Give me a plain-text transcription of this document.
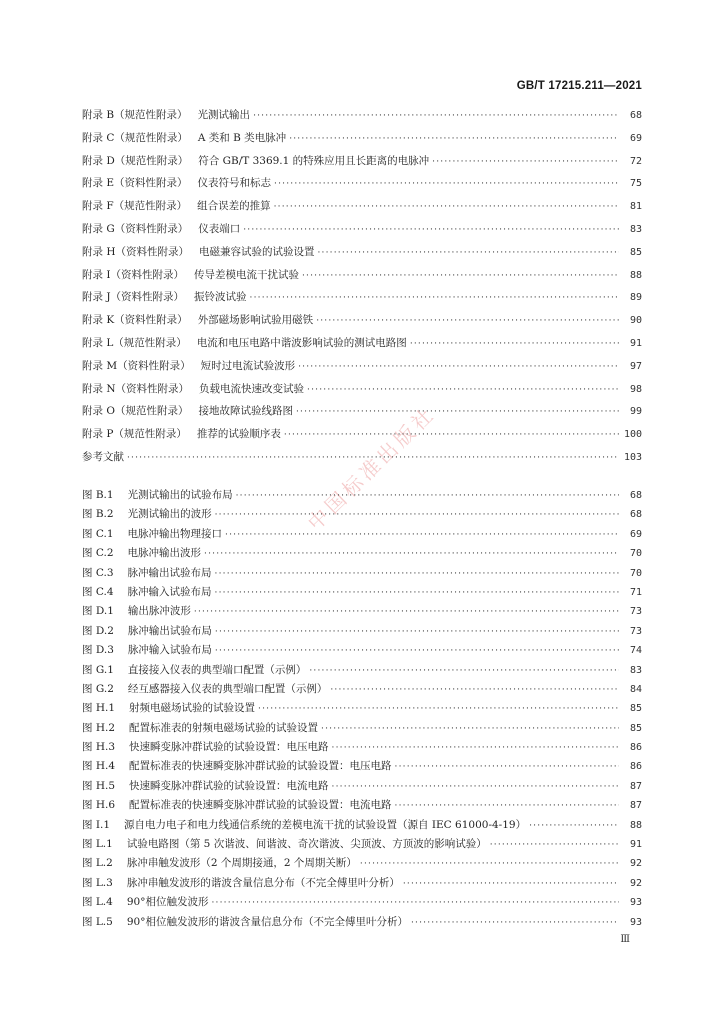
GB/T 17215.211—2021
中国标准出版社
附录 B（规范性附录） 光测试输出 ·····	68
附录 C（规范性附录） A 类和 B 类电脉冲 ·····	69
附录 D（规范性附录） 符合 GB/T 3369.1 的特殊应用且长距离的电脉冲 ·····	72
附录 E（资料性附录） 仪表符号和标志 ·····	75
附录 F（规范性附录） 组合误差的推算 ·····	81
附录 G（资料性附录） 仪表端口 ·····	83
附录 H（资料性附录） 电磁兼容试验的试验设置 ·····	85
附录 I（资料性附录） 传导差模电流干扰试验 ·····	88
附录 J（资料性附录） 振铃波试验 ·····	89
附录 K（资料性附录） 外部磁场影响试验用磁铁 ·····	90
附录 L（规范性附录） 电流和电压电路中谐波影响试验的测试电路图 ·····	91
附录 M（资料性附录） 短时过电流试验波形 ·····	97
附录 N（资料性附录） 负载电流快速改变试验 ·····	98
附录 O（规范性附录） 接地故障试验线路图 ·····	99
附录 P（规范性附录） 推荐的试验顺序表 ·····	100
参考文献 ·····	103
图 B.1 光测试输出的试验布局 ·····	68
图 B.2 光测试输出的波形 ·····	68
图 C.1 电脉冲输出物理接口 ·····	69
图 C.2 电脉冲输出波形 ·····	70
图 C.3 脉冲输出试验布局 ·····	70
图 C.4 脉冲输入试验布局 ·····	71
图 D.1 输出脉冲波形 ·····	73
图 D.2 脉冲输出试验布局 ·····	73
图 D.3 脉冲输入试验布局 ·····	74
图 G.1 直接接入仪表的典型端口配置（示例） ·····	83
图 G.2 经互感器接入仪表的典型端口配置（示例） ·····	84
图 H.1 射频电磁场试验的试验设置 ·····	85
图 H.2 配置标准表的射频电磁场试验的试验设置 ·····	85
图 H.3 快速瞬变脉冲群试验的试验设置：电压电路 ·····	86
图 H.4 配置标准表的快速瞬变脉冲群试验的试验设置：电压电路 ·····	86
图 H.5 快速瞬变脉冲群试验的试验设置：电流电路 ·····	87
图 H.6 配置标准表的快速瞬变脉冲群试验的试验设置：电流电路 ·····	87
图 I.1 源自电力电子和电力线通信系统的差模电流干扰的试验设置（源自 IEC 61000-4-19） ·····	88
图 L.1 试验电路图（第 5 次谐波、间谐波、奇次谐波、尖顶波、方顶波的影响试验） ·····	91
图 L.2 脉冲串触发波形（2 个周期接通，2 个周期关断） ·····	92
图 L.3 脉冲串触发波形的谐波含量信息分布（不完全傅里叶分析） ·····	92
图 L.4 90°相位触发波形 ·····	93
图 L.5 90°相位触发波形的谐波含量信息分布（不完全傅里叶分析） ·····	93
Ⅲ
